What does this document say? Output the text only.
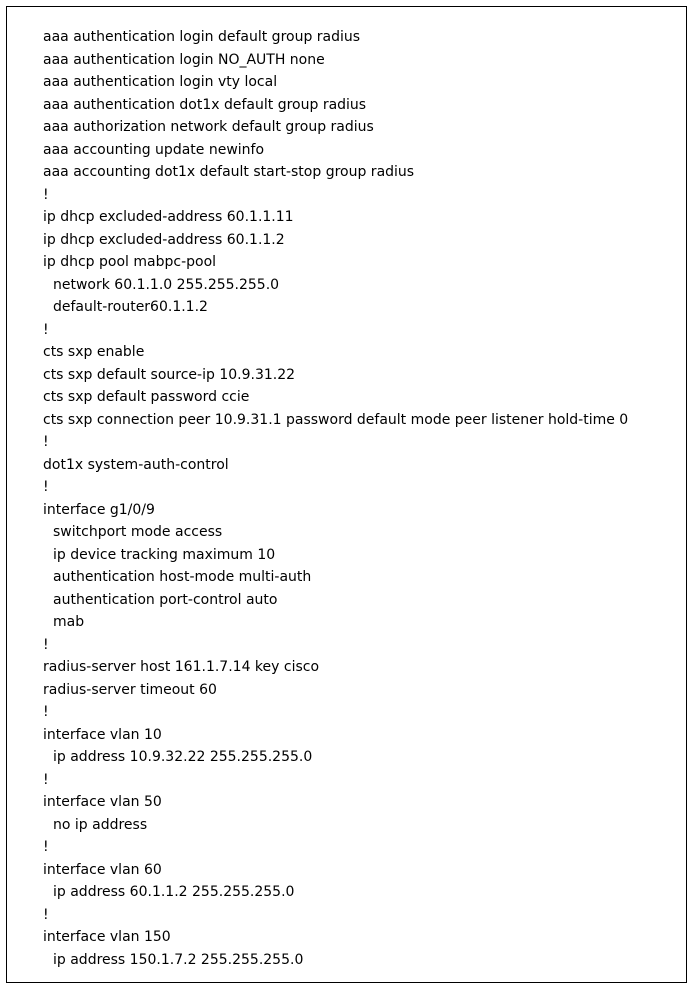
aaa authentication login default group radius
aaa authentication login NO_AUTH none
aaa authentication login vty local
aaa authentication dot1x default group radius
aaa authorization network default group radius
aaa accounting update newinfo
aaa accounting dot1x default start-stop group radius
!
ip dhcp excluded-address 60.1.1.11
ip dhcp excluded-address 60.1.1.2
ip dhcp pool mabpc-pool
network 60.1.1.0 255.255.255.0
default-router60.1.1.2
!
cts sxp enable
cts sxp default source-ip 10.9.31.22
cts sxp default password ccie
cts sxp connection peer 10.9.31.1 password default mode peer listener hold-time 0
!
dot1x system-auth-control
!
interface g1/0/9
switchport mode access
ip device tracking maximum 10
authentication host-mode multi-auth
authentication port-control auto
mab
!
radius-server host 161.1.7.14 key cisco
radius-server timeout 60
!
interface vlan 10
ip address 10.9.32.22 255.255.255.0
!
interface vlan 50
no ip address
!
interface vlan 60
ip address 60.1.1.2 255.255.255.0
!
interface vlan 150
ip address 150.1.7.2 255.255.255.0
